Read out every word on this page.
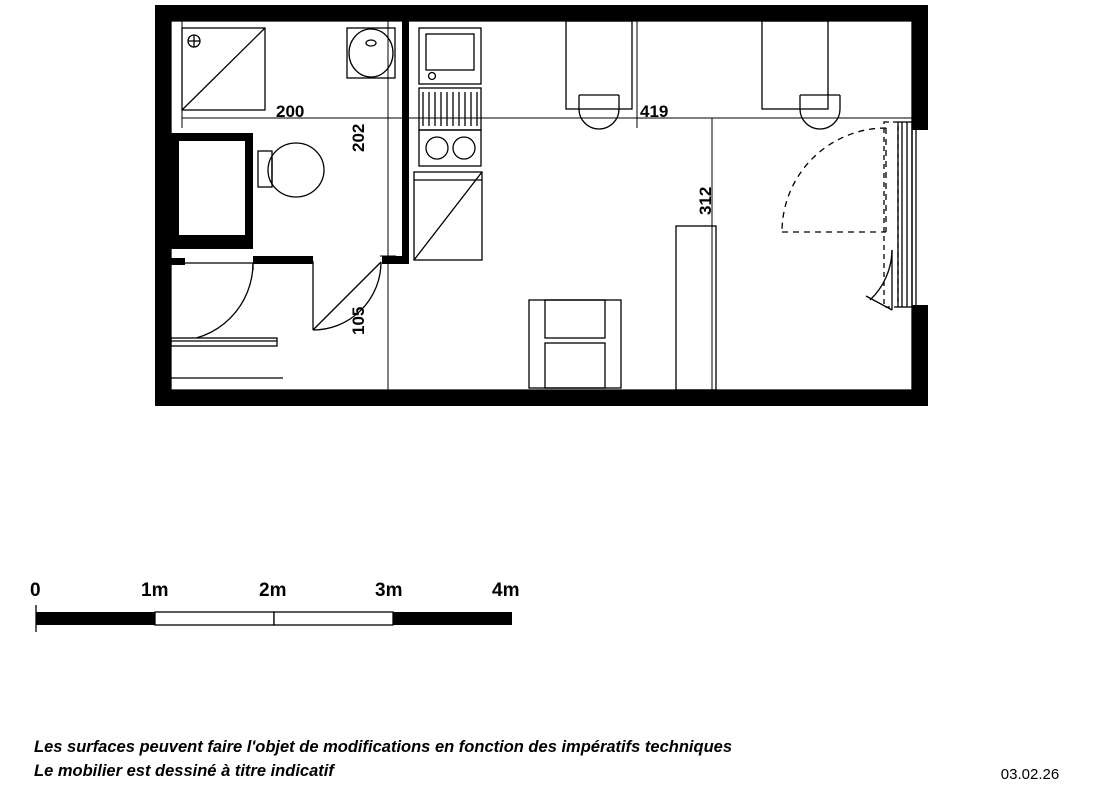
200
202
419
312
105
0	1m	2m	3m	4m
Les surfaces peuvent faire l'objet de modifications en fonction des impératifs techniques
Le mobilier est dessiné à titre indicatif	03.02.26
